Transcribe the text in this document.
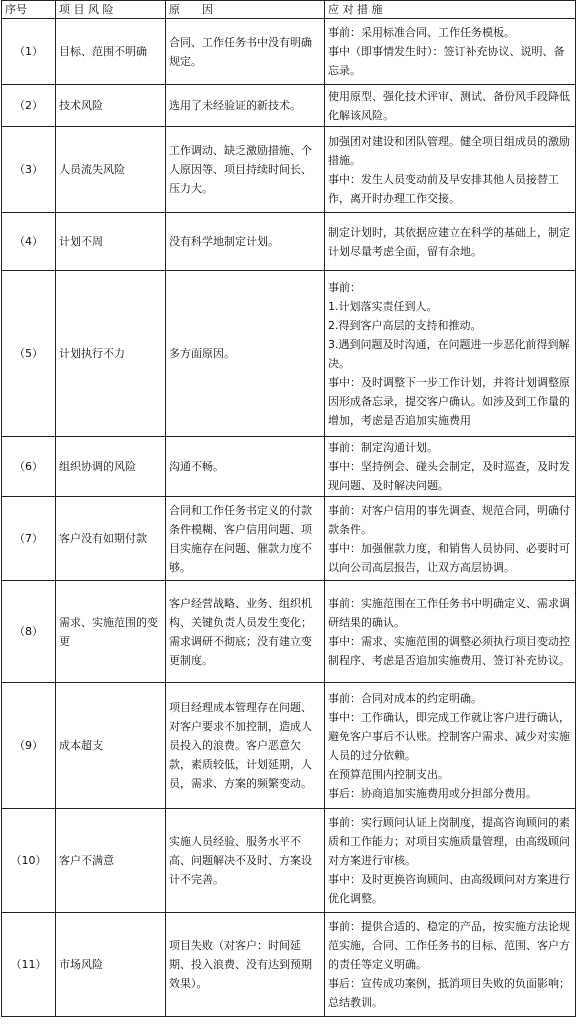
序号	项 目 风 险	原　　因	应 对 措 施
（1）	目标、范围不明确	合同、工作任务书中没有明确规定。	事前：采用标准合同、工作任务模板。
事中（即事情发生时）：签订补充协议、说明、备忘录。

（2）	技术风险	选用了未经验证的新技术。	使用原型、强化技术评审、测试、备份风手段降低化解该风险。

（3）	人员流失风险	工作调动、缺乏激励措施、个人原因等、项目持续时间长、压力大。	加强团对建设和团队管理。健全项目组成员的激励措施。
事中：发生人员变动前及早安排其他人员接替工作，离开时办理工作交接。

（4）	计划不周	没有科学地制定计划。	制定计划时，其依据应建立在科学的基础上，制定计划尽量考虑全面，留有余地。

（5）	计划执行不力	多方面原因。	事前：
1.计划落实责任到人。
2.得到客户高层的支持和推动。
3.遇到问题及时沟通，在问题进一步恶化前得到解决。
事中：及时调整下一步工作计划，并将计划调整原因形成备忘录，提交客户确认。如涉及到工作量的增加，考虑是否追加实施费用

（6）	组织协调的风险	沟通不畅。	事前：制定沟通计划。
事中：坚持例会、碰头会制定，及时巡查，及时发现问题、及时解决问题。

（7）	客户没有如期付款	合同和工作任务书定义的付款条件模糊、客户信用问题、项目实施存在问题、催款力度不够。	事前：对客户信用的事先调查、规范合同，明确付款条件。
事中：加强催款力度，和销售人员协同、必要时可以向公司高层报告，让双方高层协调。

（8）	需求、实施范围的变更	客户经营战略、业务、组织机构、关键负责人员发生变化；需求调研不彻底；没有建立变更制度。	事前：实施范围在工作任务书中明确定义、需求调研结果的确认。
事中：需求、实施范围的调整必须执行项目变动控制程序、考虑是否追加实施费用、签订补充协议。

（9）	成本超支	项目经理成本管理存在问题、对客户要求不加控制，造成人员投入的浪费。客户恶意欠款，素质较低，计划延期，人员，需求、方案的频繁变动。	事前：合同对成本的约定明确。
事中：工作确认，即完成工作就让客户进行确认，避免客户事后不认账。控制客户需求、减少对实施人员的过分依赖。
在预算范围内控制支出。
事后：协商追加实施费用或分担部分费用。

（10）	客户不满意	实施人员经验、服务水平不高、问题解决不及时、方案设计不完善。	事前：实行顾问认证上岗制度，提高咨询顾问的素质和工作能力；对项目实施质量管理，由高级顾问对方案进行审核。
事中：及时更换咨询顾问、由高级顾问对方案进行优化调整。

（11）	市场风险	项目失败（对客户：时间延期、投入浪费、没有达到预期效果）。	事前：提供合适的、稳定的产品，按实施方法论规范实施，合同、工作任务书的目标、范围、客户方的责任等定义明确。
事后：宣传成功案例，抵消项目失败的负面影响；总结教训。
